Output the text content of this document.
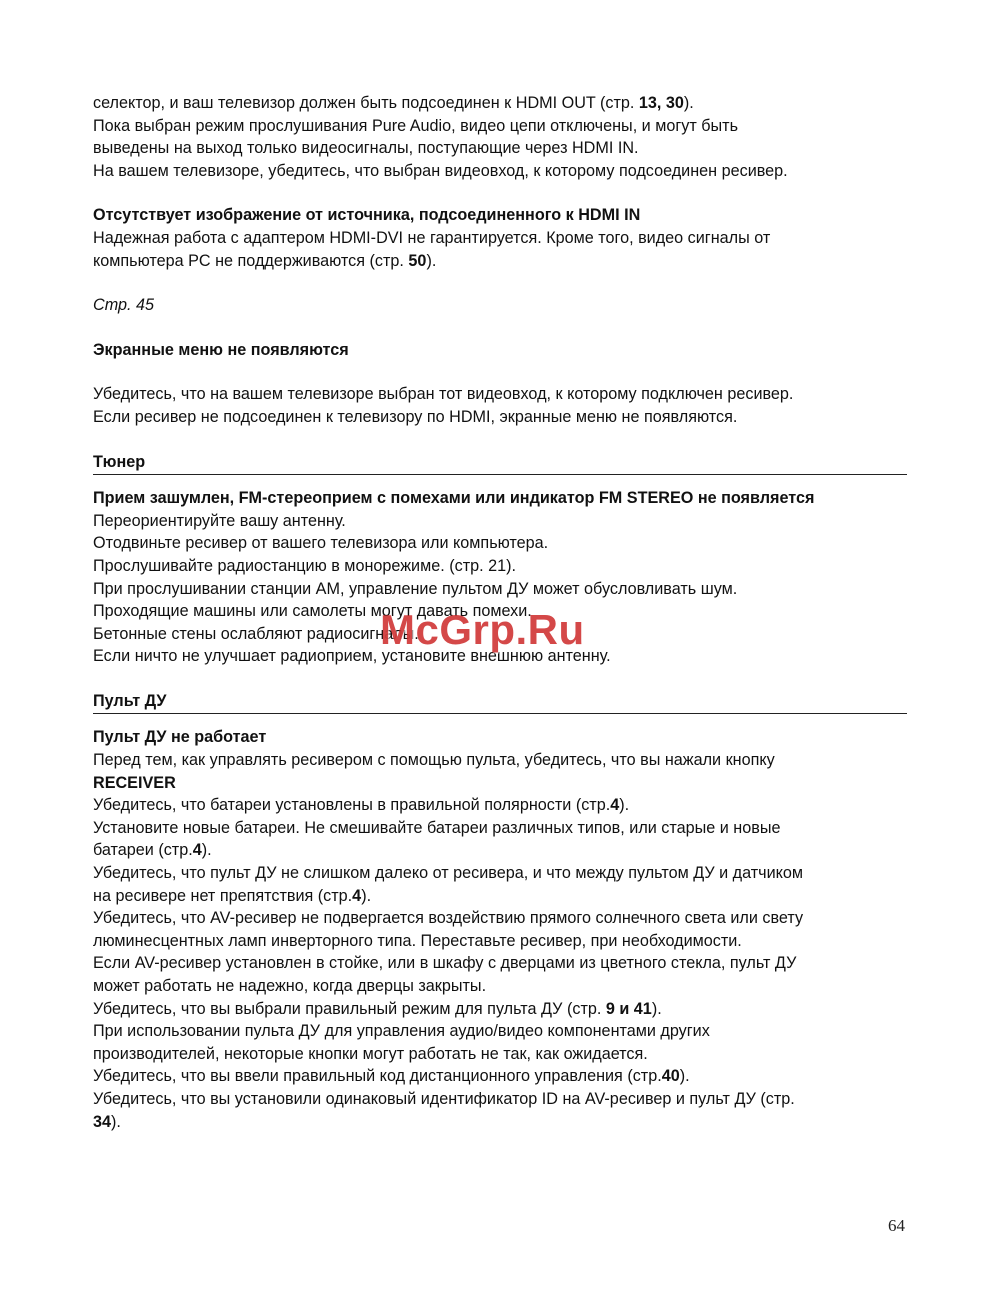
селектор, и ваш телевизор должен быть подсоединен к HDMI OUT (стр. 13, 30).
Пока выбран режим прослушивания Pure Audio, видео цепи отключены, и могут быть
выведены на выход только видеосигналы, поступающие через HDMI IN.
На вашем телевизоре, убедитесь, что выбран видеовход, к которому подсоединен ресивер.
Отсутствует изображение от источника, подсоединенного к HDMI IN
Надежная работа с адаптером HDMI-DVI не гарантируется. Кроме того, видео сигналы от
компьютера PC не поддерживаются (стр. 50).
Стр. 45
Экранные меню не появляются
Убедитесь, что на вашем телевизоре выбран тот видеовход, к которому подключен ресивер.
Если ресивер не подсоединен к телевизору по HDMI, экранные меню не появляются.
Тюнер
Прием зашумлен, FM-стереоприем с помехами или индикатор FM STEREO не появляется
Переориентируйте вашу антенну.
Отодвиньте ресивер от вашего телевизора или компьютера.
Прослушивайте радиостанцию в монорежиме. (стр. 21).
При прослушивании станции AM, управление пультом ДУ может обусловливать шум.
Проходящие машины или самолеты могут давать помехи.
Бетонные стены ослабляют радиосигналы.
Если ничто не улучшает радиоприем, установите внешнюю антенну.
Пульт ДУ
Пульт ДУ не работает
Перед тем, как управлять ресивером с помощью пульта, убедитесь, что вы нажали кнопку
RECEIVER
Убедитесь, что батареи установлены в правильной полярности (стр.4).
Установите новые батареи. Не смешивайте батареи различных типов, или старые и новые
батареи (стр.4).
Убедитесь, что пульт ДУ не слишком далеко от ресивера, и что между пультом ДУ и датчиком
на ресивере нет препятствия (стр.4).
Убедитесь, что AV-ресивер не подвергается воздействию прямого солнечного света или свету
люминесцентных ламп инверторного типа. Переставьте ресивер, при необходимости.
Если AV-ресивер установлен в стойке, или в шкафу с дверцами из цветного стекла, пульт ДУ
может работать не надежно, когда дверцы закрыты.
Убедитесь, что вы выбрали правильный режим для пульта ДУ (стр. 9 и 41).
При использовании пульта ДУ для управления аудио/видео компонентами других
производителей, некоторые кнопки могут работать не так, как ожидается.
Убедитесь, что вы ввели правильный код дистанционного управления (стр.40).
Убедитесь, что вы установили одинаковый идентификатор ID на AV-ресивер и пульт ДУ (стр.
34).
McGrp.Ru
64
